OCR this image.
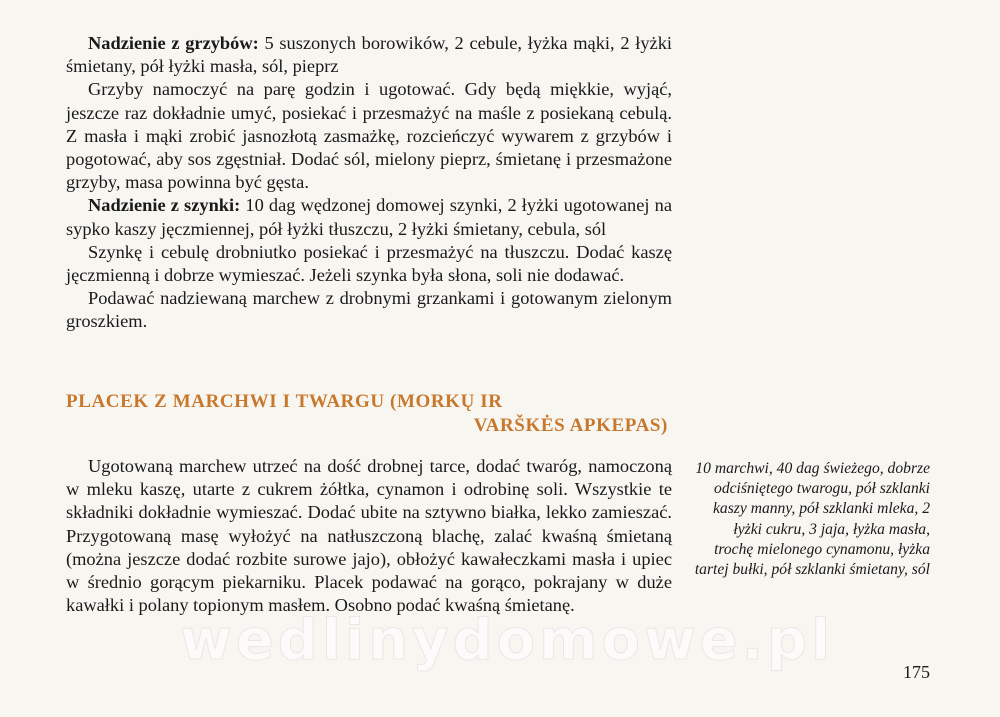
Nadzienie z grzybów: 5 suszonych borowików, 2 cebule, łyżka mąki, 2 łyżki śmietany, pół łyżki masła, sól, pieprz

Grzyby namoczyć na parę godzin i ugotować. Gdy będą miękkie, wyjąć, jeszcze raz dokładnie umyć, posiekać i przesmażyć na maśle z posiekaną cebulą. Z masła i mąki zrobić jasnozłotą zasmażkę, rozcieńczyć wywarem z grzybów i pogotować, aby sos zgęstniał. Dodać sól, mielony pieprz, śmietanę i przesmażone grzyby, masa powinna być gęsta.

Nadzienie z szynki: 10 dag wędzonej domowej szynki, 2 łyżki ugotowanej na sypko kaszy jęczmiennej, pół łyżki tłuszczu, 2 łyżki śmietany, cebula, sól

Szynkę i cebulę drobniutko posiekać i przesmażyć na tłuszczu. Dodać kaszę jęczmienną i dobrze wymieszać. Jeżeli szynka była słona, soli nie dodawać.

Podawać nadziewaną marchew z drobnymi grzankami i gotowanym zielonym groszkiem.

PLACEK Z MARCHWI I TWARGU (MORKŲ IR
VARŠKĖS APKEPAS)

Ugotowaną marchew utrzeć na dość drobnej tarce, dodać twaróg, namoczoną w mleku kaszę, utarte z cukrem żółtka, cynamon i odrobinę soli. Wszystkie te składniki dokładnie wymieszać. Dodać ubite na sztywno białka, lekko zamieszać. Przygotowaną masę wyłożyć na natłuszczoną blachę, zalać kwaśną śmietaną (można jeszcze dodać rozbite surowe jajo), obłożyć kawałeczkami masła i upiec w średnio gorącym piekarniku. Placek podawać na gorąco, pokrajany w duże kawałki i polany topionym masłem. Osobno podać kwaśną śmietanę.

10 marchwi, 40 dag świeżego, dobrze odciśniętego twarogu, pół szklanki kaszy manny, pół szklanki mleka, 2 łyżki cukru, 3 jaja, łyżka masła, trochę mielonego cynamonu, łyżka tartej bułki, pół szklanki śmietany, sól
wedlinydomowe.pl	175
